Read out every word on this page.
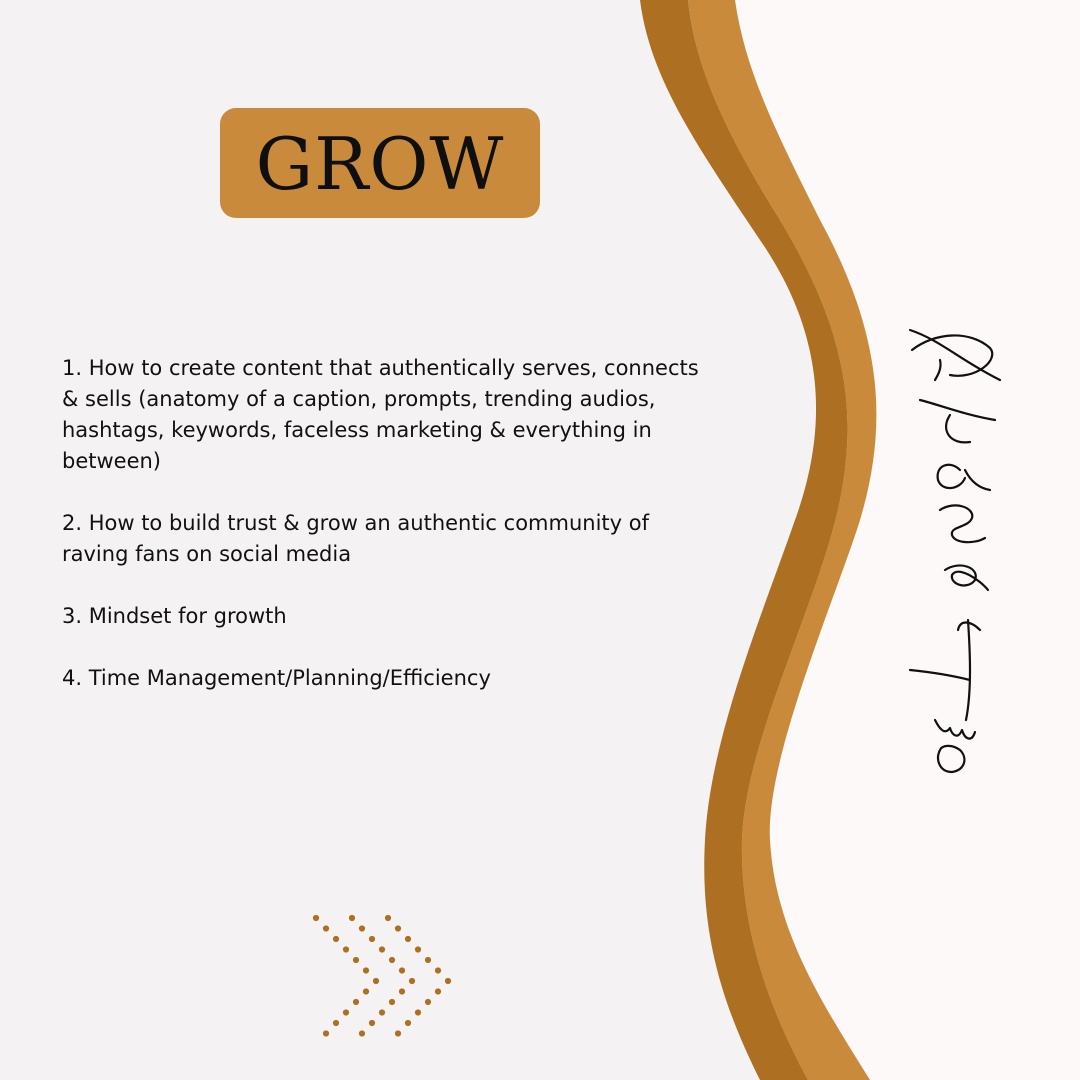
GROW

1. How to create content that authentically serves, connects & sells (anatomy of a caption, prompts, trending audios, hashtags, keywords, faceless marketing & everything in between)

2. How to build trust & grow an authentic community of raving fans on social media

3. Mindset for growth

4. Time Management/Planning/Efficiency
